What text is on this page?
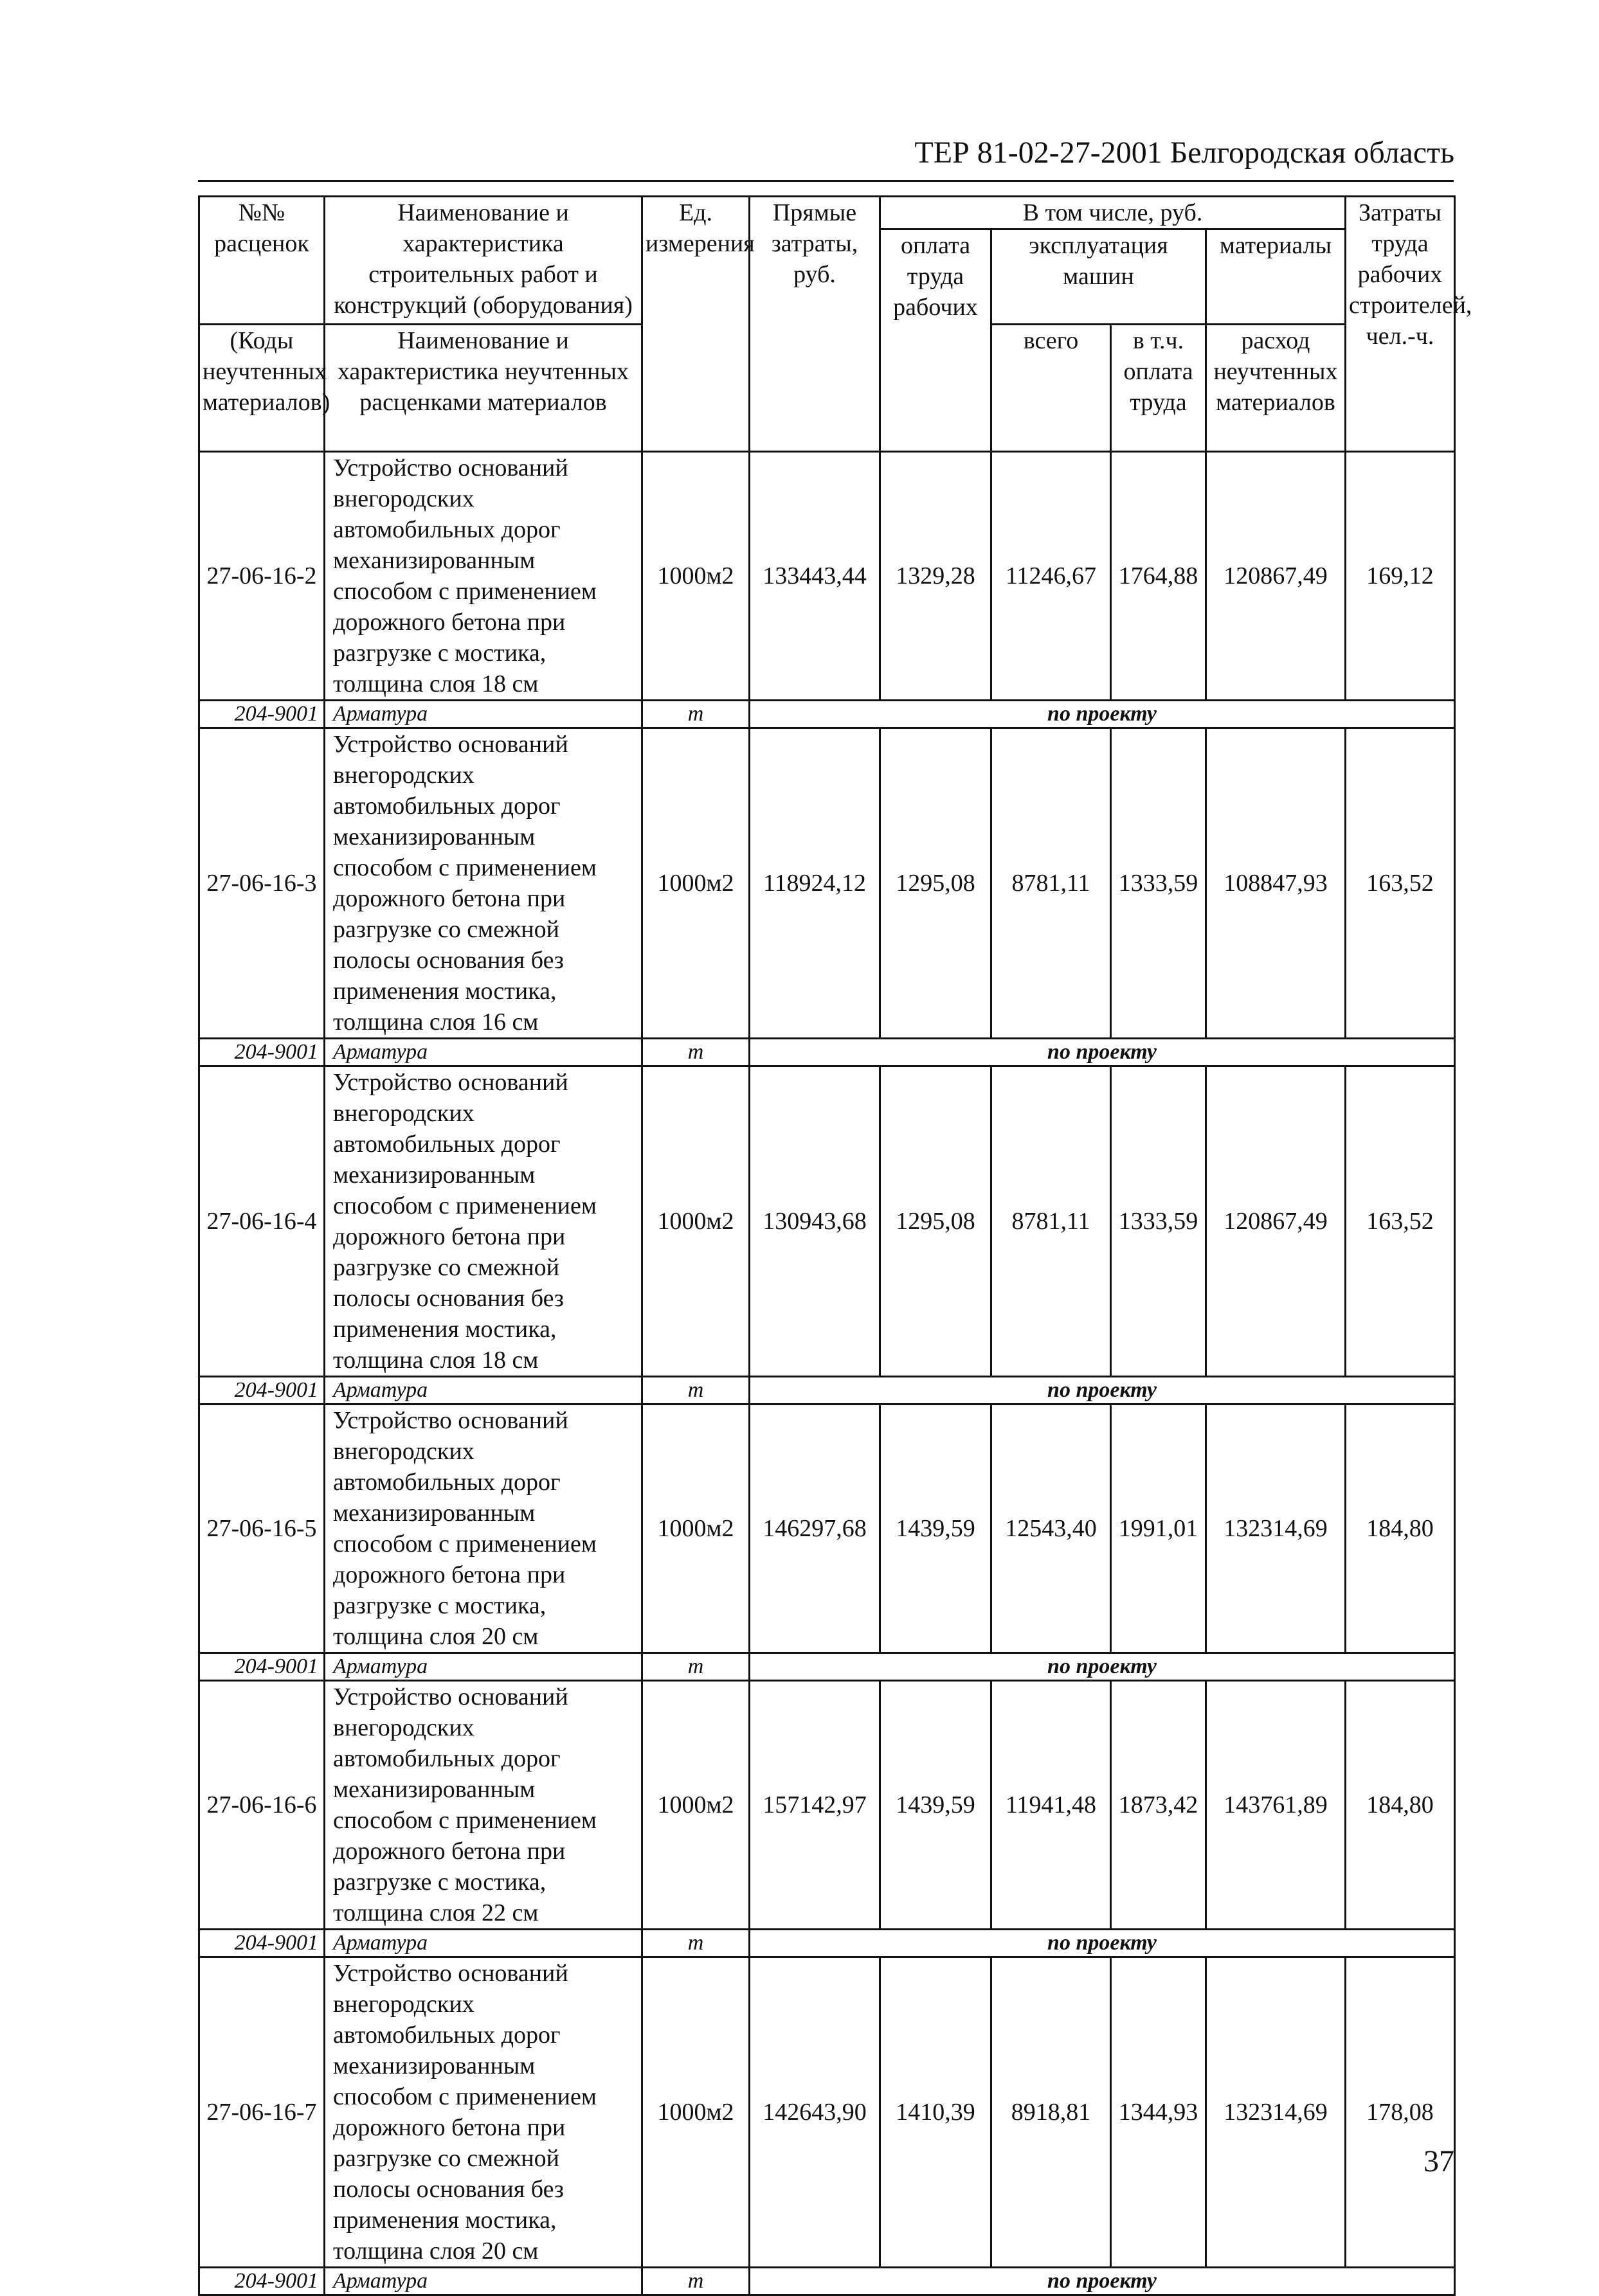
ТЕР 81-02-27-2001 Белгородская область
№№ расценок	Наименование и характеристика строительных работ и конструкций (оборудования)	Ед. измерения	Прямые затраты, руб.	В том числе, руб.				Затраты труда рабочих строителей, чел.-ч.
				оплата труда рабочих	эксплуатация машин		материалы	

(Коды неучтенных материалов)	Наименование и характеристика неучтенных расценками материалов				всего	в т.ч. оплата труда	расход неучтенных материалов	

27-06-16-2	Устройство оснований внегородских автомобильных дорог механизированным способом с применением дорожного бетона при разгрузке с мостика, толщина слоя 18 см	1000м2	133443,44	1329,28	11246,67	1764,88	120867,49	169,12
204-9001	Арматура	т	по проекту					
27-06-16-3	Устройство оснований внегородских автомобильных дорог механизированным способом с применением дорожного бетона при разгрузке со смежной полосы основания без применения мостика, толщина слоя 16 см	1000м2	118924,12	1295,08	8781,11	1333,59	108847,93	163,52
204-9001	Арматура	т	по проекту					
27-06-16-4	Устройство оснований внегородских автомобильных дорог механизированным способом с применением дорожного бетона при разгрузке со смежной полосы основания без применения мостика, толщина слоя 18 см	1000м2	130943,68	1295,08	8781,11	1333,59	120867,49	163,52
204-9001	Арматура	т	по проекту					
27-06-16-5	Устройство оснований внегородских автомобильных дорог механизированным способом с применением дорожного бетона при разгрузке с мостика, толщина слоя 20 см	1000м2	146297,68	1439,59	12543,40	1991,01	132314,69	184,80
204-9001	Арматура	т	по проекту					
27-06-16-6	Устройство оснований внегородских автомобильных дорог механизированным способом с применением дорожного бетона при разгрузке с мостика, толщина слоя 22 см	1000м2	157142,97	1439,59	11941,48	1873,42	143761,89	184,80
204-9001	Арматура	т	по проекту					
27-06-16-7	Устройство оснований внегородских автомобильных дорог механизированным способом с применением дорожного бетона при разгрузке со смежной полосы основания без применения мостика, толщина слоя 20 см	1000м2	142643,90	1410,39	8918,81	1344,93	132314,69	178,08
204-9001	Арматура	т	по проекту					
37
